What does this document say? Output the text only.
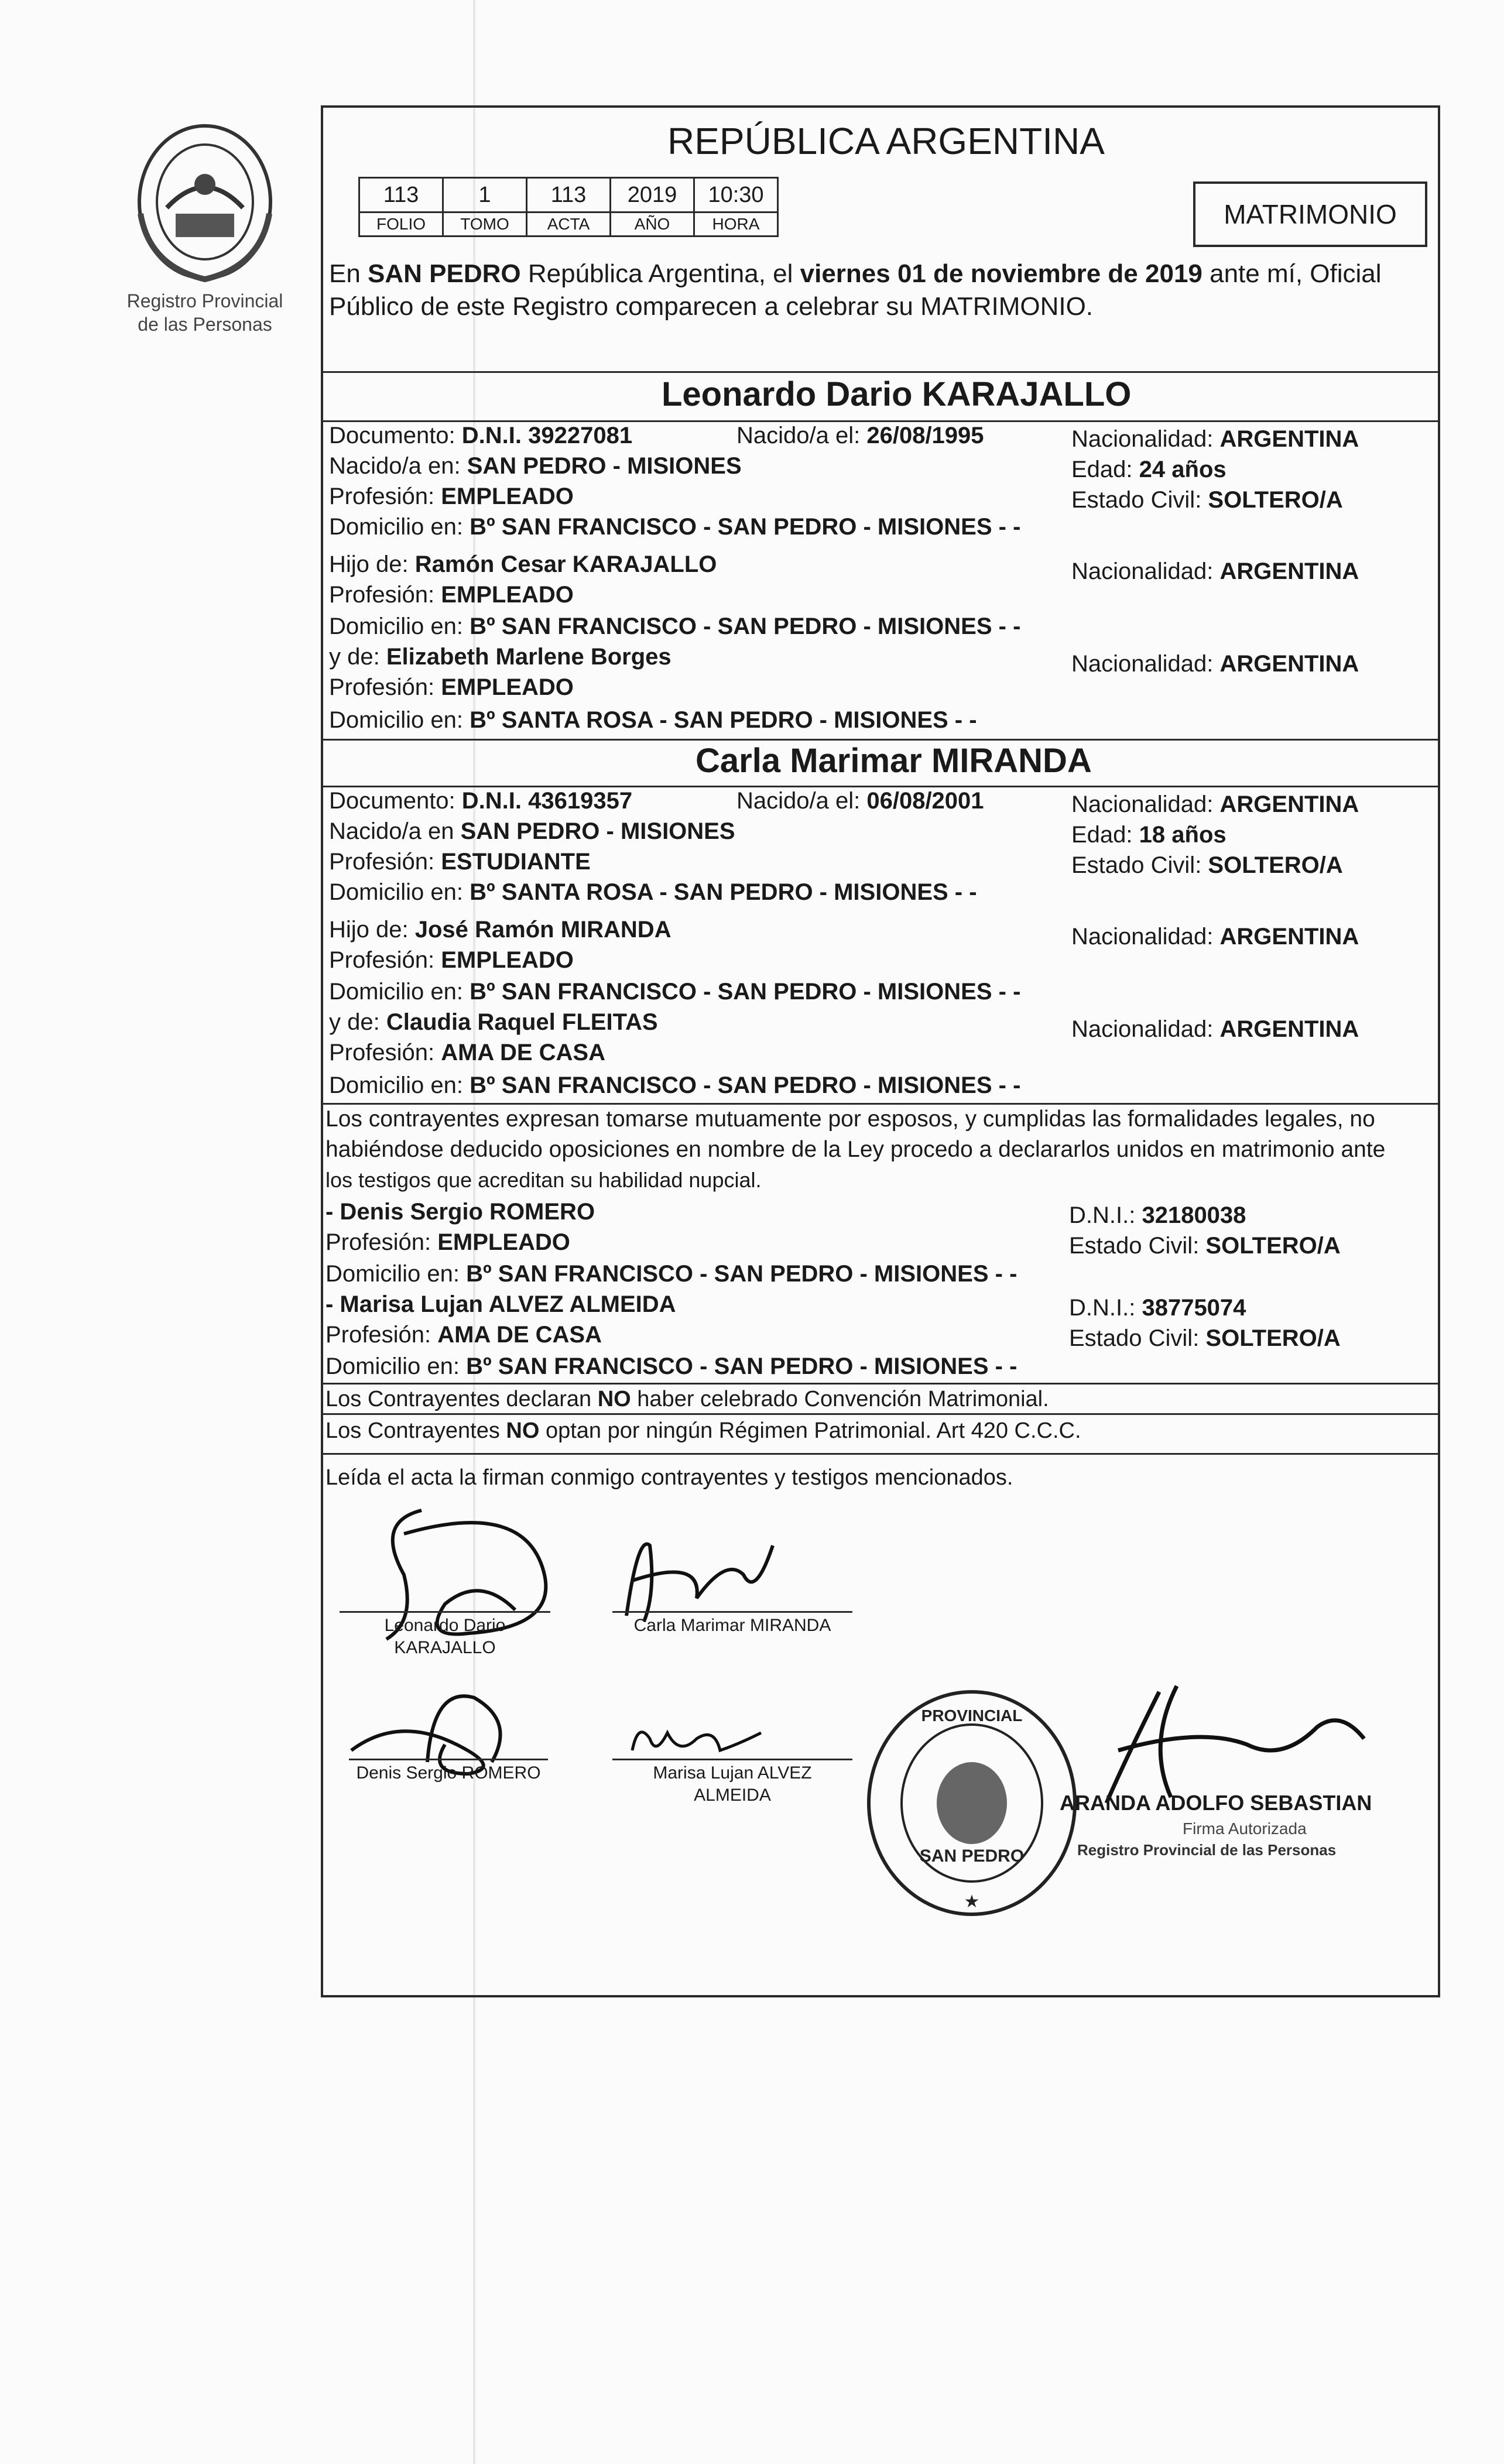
Registro Provincial
de las Personas
REPÚBLICA ARGENTINA
113	1	113	2019	10:30
FOLIO	TOMO	ACTA	AÑO	HORA	MATRIMONIO
En SAN PEDRO República Argentina, el viernes 01 de noviembre de 2019 ante mí, Oficial
Público de este Registro comparecen a celebrar su MATRIMONIO.
Leonardo Dario KARAJALLO
Documento: D.N.I. 39227081	Nacido/a el: 26/08/1995	Nacionalidad: ARGENTINA
Nacido/a en: SAN PEDRO - MISIONES	Edad: 24 años
Profesión: EMPLEADO	Estado Civil: SOLTERO/A
Domicilio en: Bº SAN FRANCISCO - SAN PEDRO - MISIONES - -
Hijo de: Ramón Cesar KARAJALLO	Nacionalidad: ARGENTINA
Profesión: EMPLEADO
Domicilio en: Bº SAN FRANCISCO - SAN PEDRO - MISIONES - -
y de: Elizabeth Marlene Borges	Nacionalidad: ARGENTINA
Profesión: EMPLEADO
Domicilio en: Bº SANTA ROSA - SAN PEDRO - MISIONES - -
Carla Marimar MIRANDA
Documento: D.N.I. 43619357	Nacido/a el: 06/08/2001	Nacionalidad: ARGENTINA
Nacido/a en SAN PEDRO - MISIONES	Edad: 18 años
Profesión: ESTUDIANTE	Estado Civil: SOLTERO/A
Domicilio en: Bº SANTA ROSA - SAN PEDRO - MISIONES - -
Hijo de: José Ramón MIRANDA	Nacionalidad: ARGENTINA
Profesión: EMPLEADO
Domicilio en: Bº SAN FRANCISCO - SAN PEDRO - MISIONES - -
y de: Claudia Raquel FLEITAS	Nacionalidad: ARGENTINA
Profesión: AMA DE CASA
Domicilio en: Bº SAN FRANCISCO - SAN PEDRO - MISIONES - -
Los contrayentes expresan tomarse mutuamente por esposos, y cumplidas las formalidades legales, no
habiéndose deducido oposiciones en nombre de la Ley procedo a declararlos unidos en matrimonio ante
los testigos que acreditan su habilidad nupcial.
- Denis Sergio ROMERO	D.N.I.: 32180038
Profesión: EMPLEADO	Estado Civil: SOLTERO/A
Domicilio en: Bº SAN FRANCISCO - SAN PEDRO - MISIONES - -
- Marisa Lujan ALVEZ ALMEIDA	D.N.I.: 38775074
Profesión: AMA DE CASA	Estado Civil: SOLTERO/A
Domicilio en: Bº SAN FRANCISCO - SAN PEDRO - MISIONES - -
Los Contrayentes declaran NO haber celebrado Convención Matrimonial.
Los Contrayentes NO optan por ningún Régimen Patrimonial. Art 420 C.C.C.
Leída el acta la firman conmigo contrayentes y testigos mencionados.
Leonardo Dario
KARAJALLO
Carla Marimar MIRANDA
Denis Sergio ROMERO	Marisa Lujan ALVEZ
ALMEIDA
PROVINCIAL
SAN PEDRO
★
ARANDA ADOLFO SEBASTIAN
Firma Autorizada
Registro Provincial de las Personas
